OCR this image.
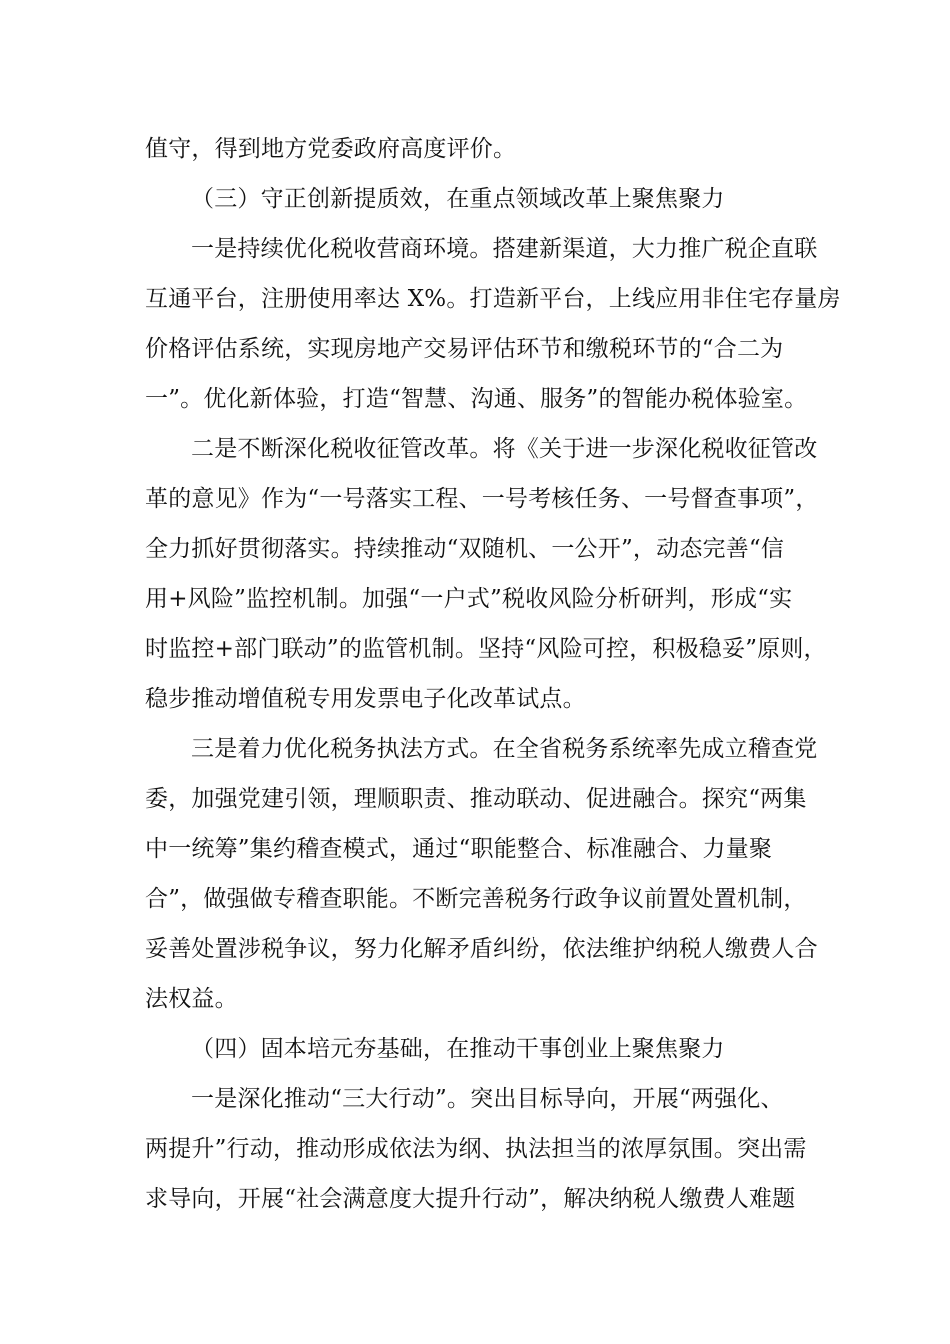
值守，得到地方党委政府高度评价。
（三）守正创新提质效，在重点领域改革上聚焦聚力
一是持续优化税收营商环境。搭建新渠道，大力推广税企直联
互通平台，注册使用率达 X%。打造新平台，上线应用非住宅存量房
价格评估系统，实现房地产交易评估环节和缴税环节的“合二为
一”。优化新体验，打造“智慧、沟通、服务”的智能办税体验室。
二是不断深化税收征管改革。将《关于进一步深化税收征管改
革的意见》作为“一号落实工程、一号考核任务、一号督查事项”，
全力抓好贯彻落实。持续推动“双随机、一公开”，动态完善“信
用+风险”监控机制。加强“一户式”税收风险分析研判，形成“实
时监控+部门联动”的监管机制。坚持“风险可控，积极稳妥”原则，
稳步推动增值税专用发票电子化改革试点。
三是着力优化税务执法方式。在全省税务系统率先成立稽查党
委，加强党建引领，理顺职责、推动联动、促进融合。探究“两集
中一统筹”集约稽查模式，通过“职能整合、标准融合、力量聚
合”，做强做专稽查职能。不断完善税务行政争议前置处置机制，
妥善处置涉税争议，努力化解矛盾纠纷，依法维护纳税人缴费人合
法权益。
（四）固本培元夯基础，在推动干事创业上聚焦聚力
一是深化推动“三大行动”。突出目标导向，开展“两强化、
两提升”行动，推动形成依法为纲、执法担当的浓厚氛围。突出需
求导向，开展“社会满意度大提升行动”，解决纳税人缴费人难题
